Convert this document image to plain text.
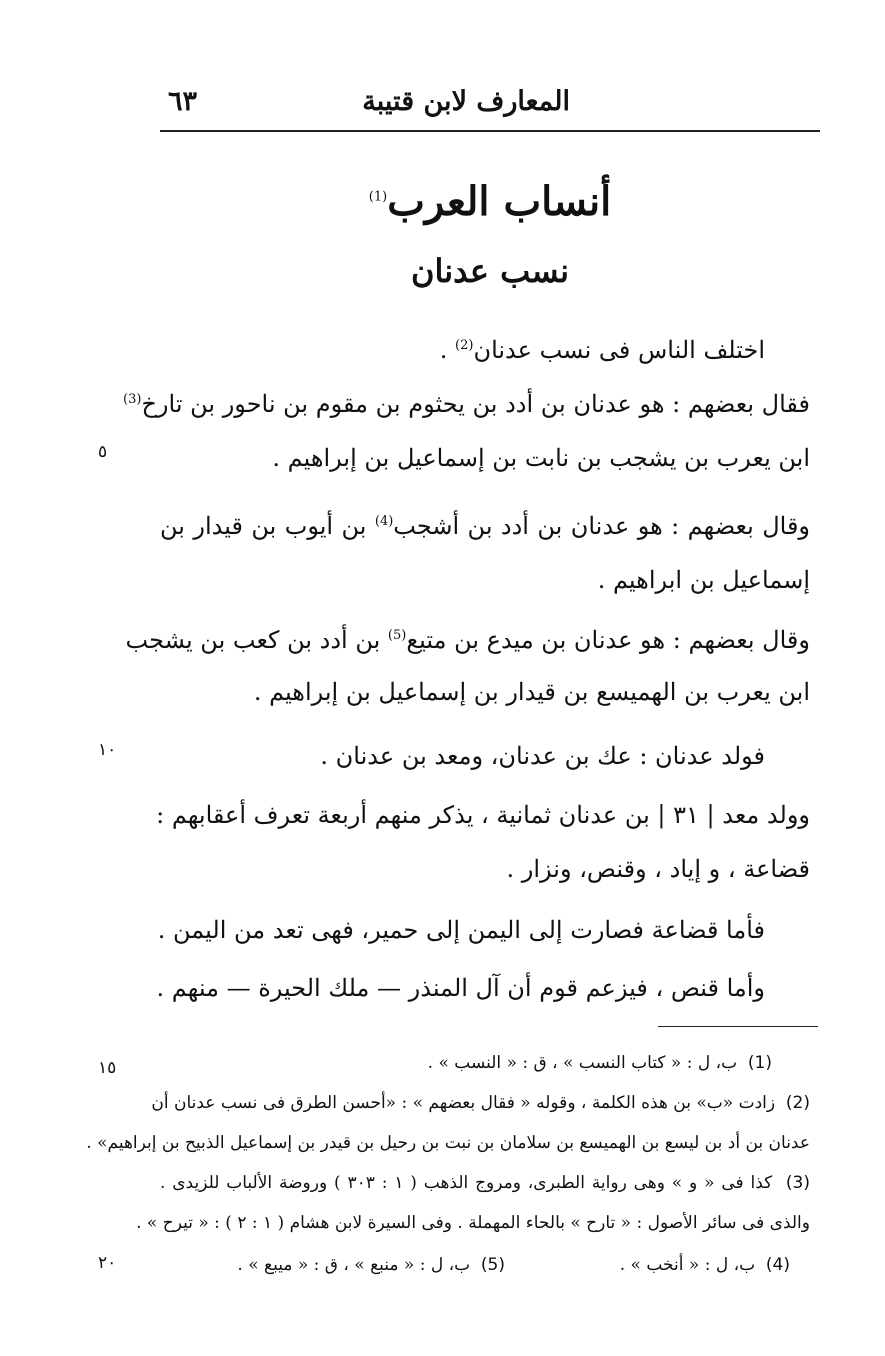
المعارف لابن قتيبة
٦٣
أنساب العرب$^{(1)}$
نسب عدنان
اختلف الناس فى نسب عدنان$^{(2)}$ .
فقال بعضهم : هو عدنان بن أدد بن يحثوم بن مقوم بن ناحور بن تارخ$^{(3)}$
ابن يعرب بن يشجب بن نابت بن إسماعيل بن إبراهيم .
وقال بعضهم : هو عدنان بن أدد بن أشجب$^{(4)}$ بن أيوب بن قيدار بن
إسماعيل بن ابراهيم .
وقال بعضهم : هو عدنان بن ميدع بن متيع$^{(5)}$ بن أدد بن كعب بن يشجب
ابن يعرب بن الهميسع بن قيدار بن إسماعيل بن إبراهيم .
فولد عدنان : عك بن عدنان، ومعد بن عدنان .
وولد معد | ٣١ | بن عدنان ثمانية ، يذكر منهم أربعة تعرف أعقابهم :
قضاعة ، و إياد ، وقنص، ونزار .
فأما قضاعة فصارت إلى اليمن إلى حمير، فهى تعد من اليمن .
وأما قنص ، فيزعم قوم أن آل المنذر — ملك الحيرة — منهم .
٥
١٠
١٥
٢٠
(1)  ب، ل : « كتاب النسب » ، ق : « النسب » .
(2)  زادت «ب» بن هذه الكلمة ، وقوله « فقال بعضهم » : «أحسن الطرق فى نسب عدنان أن
عدنان بن أد بن ليسع بن الهميسع بن سلامان بن نبت بن رحيل بن قيدر بن إسماعيل الذبيح بن إبراهيم» .
(3)  كذا فى « و » وهى رواية الطبرى، ومروج الذهب ( ١ : ٣٠٣ ) وروضة الألباب للزيدى .
والذى فى سائر الأصول : « تارح » بالحاء المهملة . وفى السيرة لابن هشام ( ١ : ٢ ) : « تيرح » .
(4)  ب، ل : « أنخب » .
(5)  ب، ل : « منبع » ، ق : « ميبع » .
